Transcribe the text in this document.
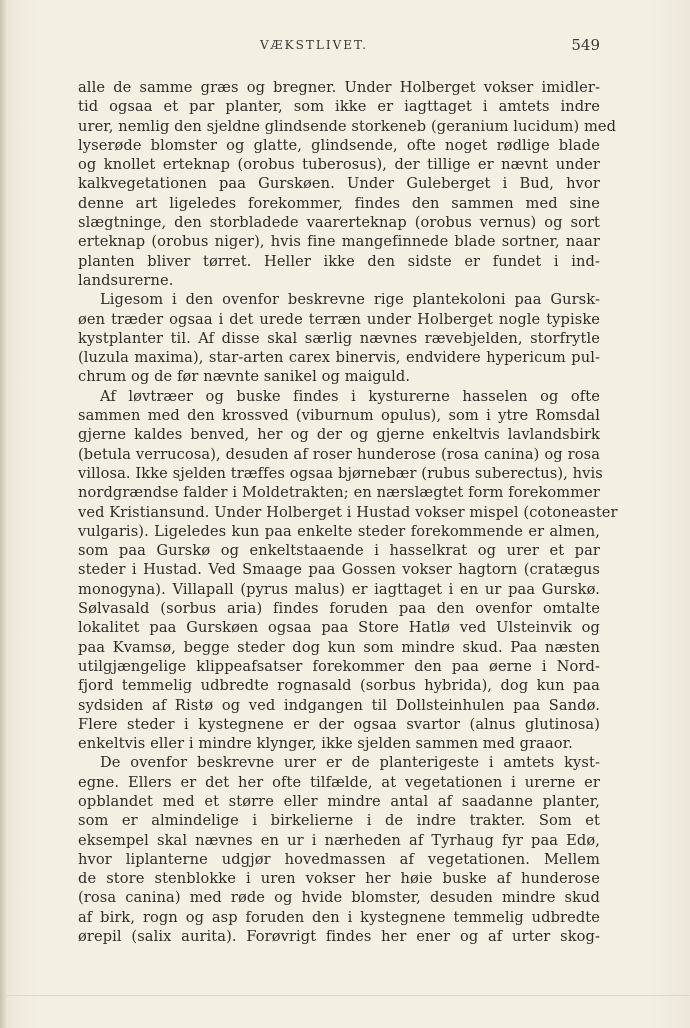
VÆKSTLIVET.	549
alle de samme græs og bregner. Under Holberget vokser imidler-
tid ogsaa et par planter, som ikke er iagttaget i amtets indre
urer, nemlig den sjeldne glindsende storkenеb (geranium lucidum) med
lyserøde blomster og glatte, glindsende, ofte noget rødlige blade
og knollet erteknap (orobus tuberosus), der tillige er nævnt under
kalkvegetationen paa Gurskøen. Under Guleberget i Bud, hvor
denne art ligeledes forekommer, findes den sammen med sine
slægtninge, den storbladede vaarerteknap (orobus vernus) og sort
erteknap (orobus niger), hvis fine mangefinnede blade sortner, naar
planten bliver tørret. Heller ikke den sidste er fundet i ind-
landsurerne.
Ligesom i den ovenfor beskrevne rige plantekoloni paa Gursk-
øen træder ogsaa i det urede terræn under Holberget nogle typiske
kystplanter til. Af disse skal særlig nævnes rævebjelden, storfrytle
(luzula maxima), star-arten carex binervis, endvidere hypericum pul-
chrum og de før nævnte sanikel og maiguld.
Af løvtræer og buske findes i kysturerne hasselen og ofte
sammen med den krossved (viburnum opulus), som i ytre Romsdal
gjerne kaldes benved, her og der og gjerne enkeltvis lavlandsbirk
(betula verrucosa), desuden af roser hunderose (rosa canina) og rosa
villosa. Ikke sjelden træffes ogsaa bjørnebær (rubus suberectus), hvis
nordgrændse falder i Moldetrakten; en nærslægtet form forekommer
ved Kristiansund. Under Holberget i Hustad vokser mispel (cotoneaster
vulgaris). Ligeledes kun paa enkelte steder forekommende er almen,
som paa Gurskø og enkeltstaaende i hasselkrat og urer et par
steder i Hustad. Ved Smaage paa Gossen vokser hagtorn (cratægus
monogyna). Villapall (pyrus malus) er iagttaget i en ur paa Gurskø.
Sølvasald (sorbus aria) findes foruden paa den ovenfor omtalte
lokalitet paa Gurskøen ogsaa paa Store Hatlø ved Ulsteinvik og
paa Kvamsø, begge steder dog kun som mindre skud. Paa næsten
utilgjængelige klippeafsatser forekommer den paa øerne i Nord-
fjord temmelig udbredte rognasald (sorbus hybrida), dog kun paa
sydsiden af Ristø og ved indgangen til Dollsteinhulen paa Sandø.
Flere steder i kystegnene er der ogsaa svartor (alnus glutinosa)
enkeltvis eller i mindre klynger, ikke sjelden sammen med graaor.
De ovenfor beskrevne urer er de planterigeste i amtets kyst-
egne. Ellers er det her ofte tilfælde, at vegetationen i urerne er
opblandet med et større eller mindre antal af saadanne planter,
som er almindelige i birkelierne i de indre trakter. Som et
eksempel skal nævnes en ur i nærheden af Tyrhaug fyr paa Edø,
hvor liplanterne udgjør hovedmassen af vegetationen. Mellem
de store stenblokke i uren vokser her høie buske af hunderose
(rosa canina) med røde og hvide blomster, desuden mindre skud
af birk, rogn og asp foruden den i kystegnene temmelig udbredte
ørepil (salix aurita). Forøvrigt findes her ener og af urter skog-
